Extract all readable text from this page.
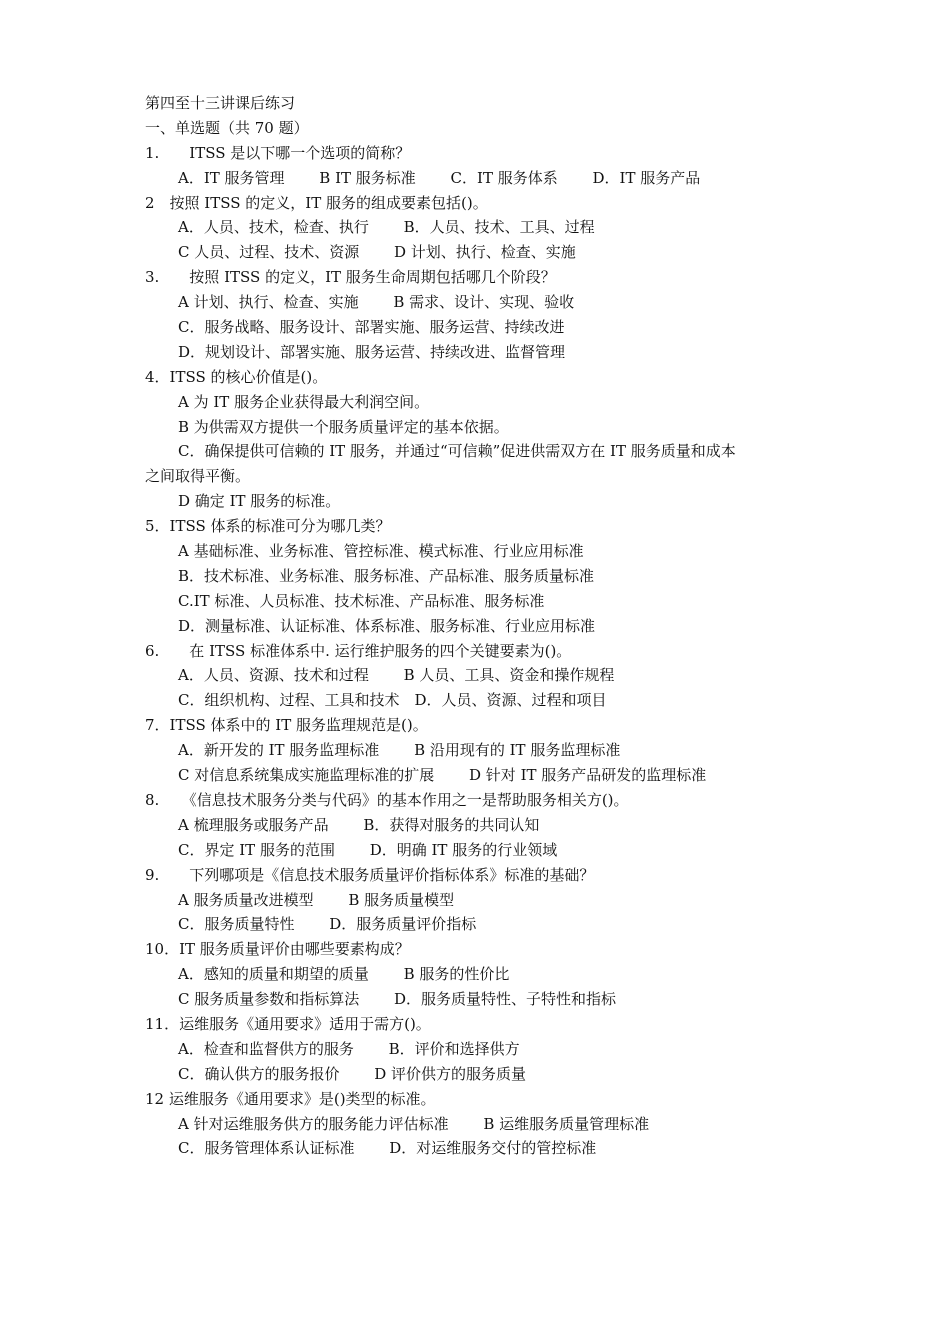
第四至十三讲课后练习
一、单选题（共 70 题）
1.　　ITSS 是以下哪一个选项的简称？
A．IT 服务管理　　 B IT 服务标准　　 C．IT 服务体系　　 D．IT 服务产品
2　按照 ITSS 的定义，IT 服务的组成要素包括()。
A．人员、技术，检查、执行　　 B．人员、技术、工具、过程
C 人员、过程、技术、资源　　 D 计划、执行、检查、实施
3.　　按照 ITSS 的定义，IT 服务生命周期包括哪几个阶段？
A 计划、执行、检查、实施　　 B 需求、设计、实现、验收
C．服务战略、服务设计、部署实施、服务运营、持续改进
D．规划设计、部署实施、服务运营、持续改进、监督管理
4．ITSS 的核心价值是()。
A 为 IT 服务企业获得最大利润空间。
B 为供需双方提供一个服务质量评定的基本依据。
C．确保提供可信赖的 IT 服务，并通过“可信赖”促进供需双方在 IT 服务质量和成本
之间取得平衡。
D 确定 IT 服务的标准。
5．ITSS 体系的标准可分为哪几类？
A 基础标准、业务标准、管控标准、模式标准、行业应用标准
B．技术标准、业务标准、服务标准、产品标准、服务质量标准
C.IT 标准、人员标准、技术标准、产品标准、服务标准
D．测量标准、认证标准、体系标准、服务标准、行业应用标准
6.　　在 ITSS 标准体系中. 运行维护服务的四个关键要素为()。
A．人员、资源、技术和过程　　 B 人员、工具、资金和操作规程
C．组织机构、过程、工具和技术　D．人员、资源、过程和项目
7．ITSS 体系中的 IT 服务监理规范是()。
A．新开发的 IT 服务监理标准　　 B 沿用现有的 IT 服务监理标准
C 对信息系统集成实施监理标准的扩展　　 D 针对 IT 服务产品研发的监理标准
8.　　《信息技术服务分类与代码》的基本作用之一是帮助服务相关方()。
A 梳理服务或服务产品　　 B．获得对服务的共同认知
C．界定 IT 服务的范围　　 D．明确 IT 服务的行业领域
9.　　下列哪项是《信息技术服务质量评价指标体系》标准的基础？
A 服务质量改进模型　　 B 服务质量模型
C．服务质量特性　　 D．服务质量评价指标
10．IT 服务质量评价由哪些要素构成？
A．感知的质量和期望的质量　　 B 服务的性价比
C 服务质量参数和指标算法　　 D．服务质量特性、子特性和指标
11．运维服务《通用要求》适用于需方()。
A．检查和监督供方的服务　　 B．评价和选择供方
C．确认供方的服务报价　　 D 评价供方的服务质量
12 运维服务《通用要求》是()类型的标准。
A 针对运维服务供方的服务能力评估标准　　 B 运维服务质量管理标准
C．服务管理体系认证标准　　 D．对运维服务交付的管控标准
